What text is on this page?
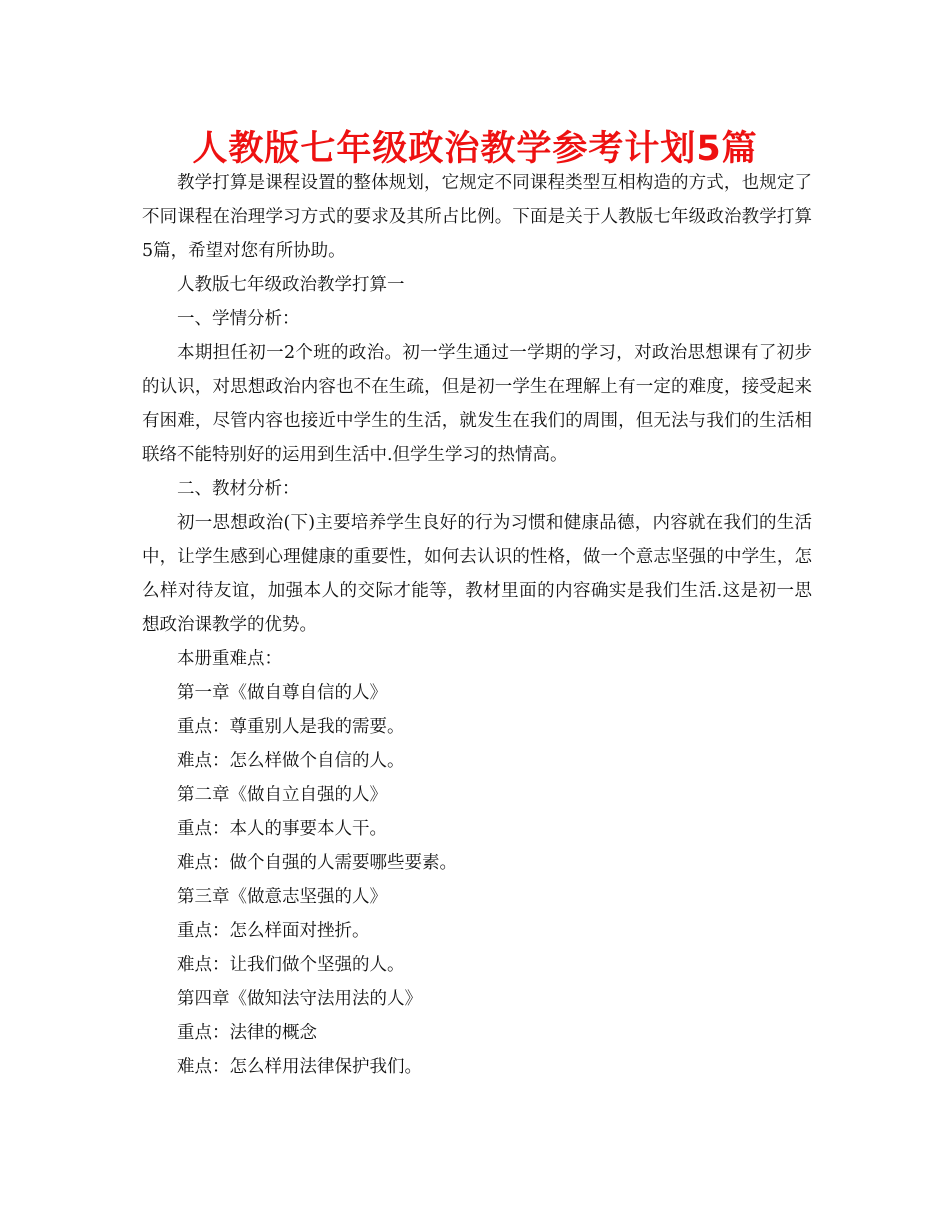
人教版七年级政治教学参考计划5篇

教学打算是课程设置的整体规划，它规定不同课程类型互相构造的方式，也规定了不同课程在治理学习方式的要求及其所占比例。下面是关于人教版七年级政治教学打算5篇，希望对您有所协助。

人教版七年级政治教学打算一

一、学情分析：

本期担任初一2个班的政治。初一学生通过一学期的学习，对政治思想课有了初步的认识，对思想政治内容也不在生疏，但是初一学生在理解上有一定的难度，接受起来有困难，尽管内容也接近中学生的生活，就发生在我们的周围，但无法与我们的生活相联络不能特别好的运用到生活中.但学生学习的热情高。

二、教材分析：

初一思想政治(下)主要培养学生良好的行为习惯和健康品德，内容就在我们的生活中，让学生感到心理健康的重要性，如何去认识的性格，做一个意志坚强的中学生，怎么样对待友谊，加强本人的交际才能等，教材里面的内容确实是我们生活.这是初一思想政治课教学的优势。

本册重难点：

第一章《做自尊自信的人》

重点：尊重别人是我的需要。

难点：怎么样做个自信的人。

第二章《做自立自强的人》

重点：本人的事要本人干。

难点：做个自强的人需要哪些要素。

第三章《做意志坚强的人》

重点：怎么样面对挫折。

难点：让我们做个坚强的人。

第四章《做知法守法用法的人》

重点：法律的概念

难点：怎么样用法律保护我们。
